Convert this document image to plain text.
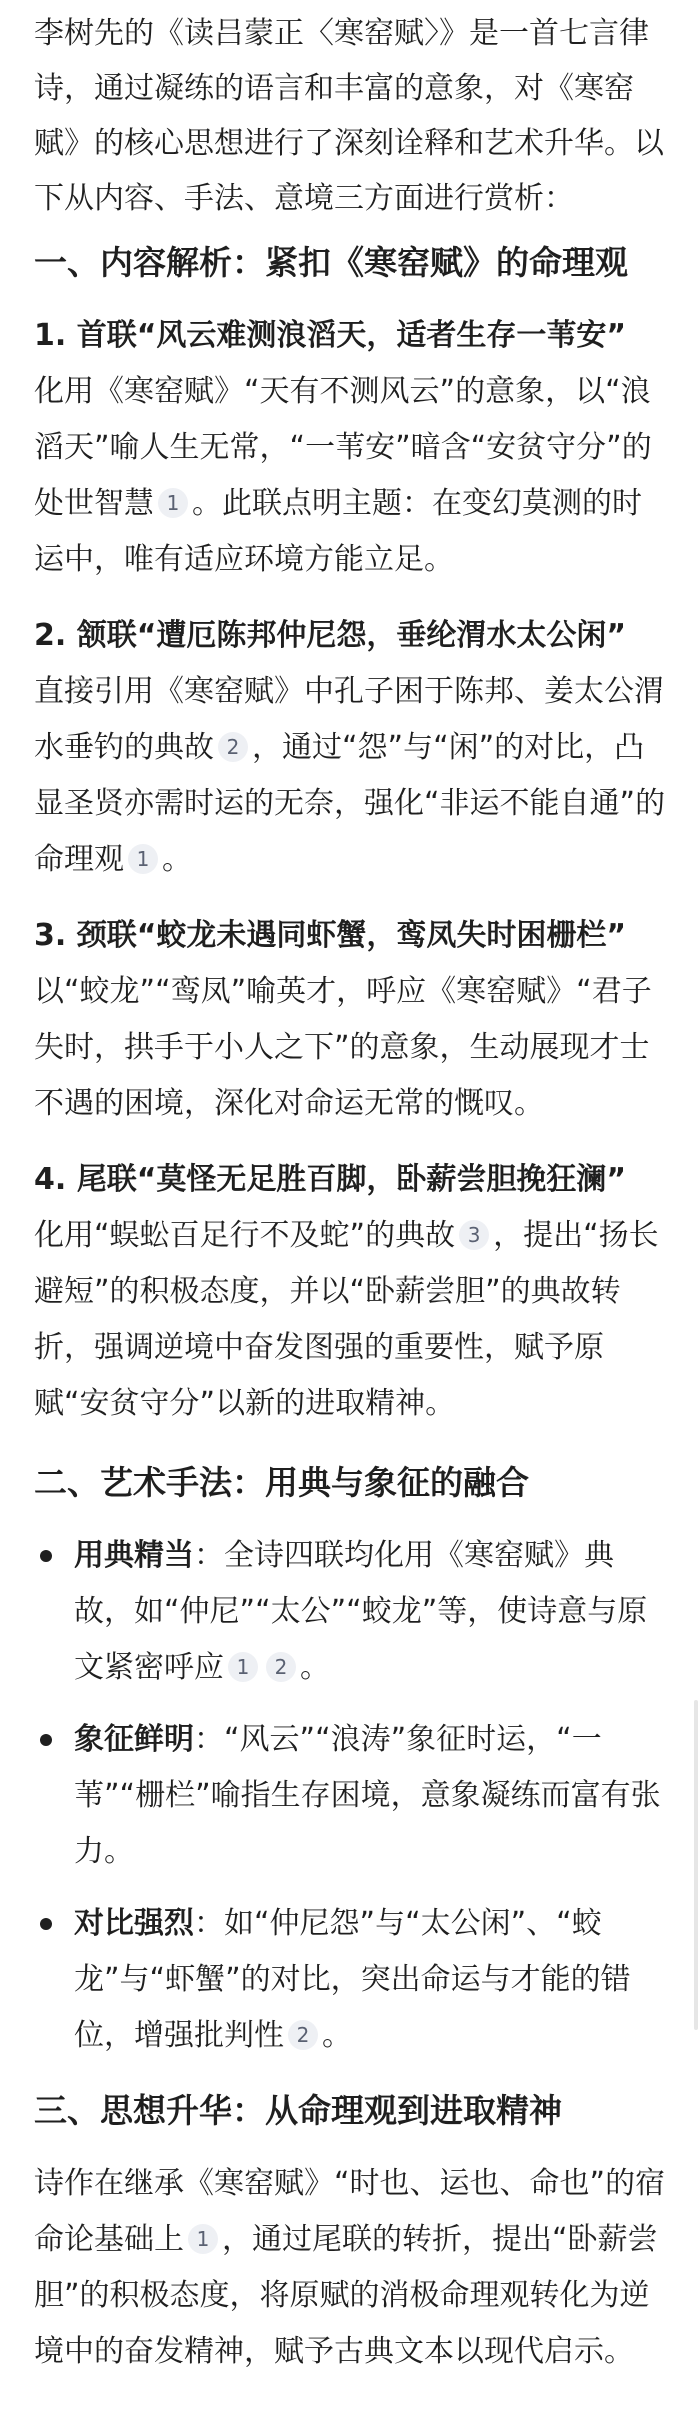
李树先的《读吕蒙正〈寒窑赋〉》是一首七言律诗，通过凝练的语言和丰富的意象，对《寒窑赋》的核心思想进行了深刻诠释和艺术升华。以下从内容、手法、意境三方面进行赏析：

一、内容解析：紧扣《寒窑赋》的命理观
1. 首联“风云难测浪滔天，适者生存一苇安”
化用《寒窑赋》“天有不测风云”的意象，以“浪滔天”喻人生无常，“一苇安”暗含“安贫守分”的处世智慧 1 。此联点明主题：在变幻莫测的时运中，唯有适应环境方能立足。
2. 颔联“遭厄陈邦仲尼怨，垂纶渭水太公闲”
直接引用《寒窑赋》中孔子困于陈邦、姜太公渭水垂钓的典故 2 ，通过“怨”与“闲”的对比，凸显圣贤亦需时运的无奈，强化“非运不能自通”的命理观 1 。
3. 颈联“蛟龙未遇同虾蟹，鸾凤失时困栅栏”
以“蛟龙”“鸾凤”喻英才，呼应《寒窑赋》“君子失时，拱手于小人之下”的意象，生动展现才士不遇的困境，深化对命运无常的慨叹。
4. 尾联“莫怪无足胜百脚，卧薪尝胆挽狂澜”
化用“蜈蚣百足行不及蛇”的典故 3 ，提出“扬长避短”的积极态度，并以“卧薪尝胆”的典故转折，强调逆境中奋发图强的重要性，赋予原赋“安贫守分”以新的进取精神。
二、艺术手法：用典与象征的融合
用典精当：全诗四联均化用《寒窑赋》典故，如“仲尼”“太公”“蛟龙”等，使诗意与原文紧密呼应 1 2 。
象征鲜明：“风云”“浪涛”象征时运，“一苇”“栅栏”喻指生存困境，意象凝练而富有张力。
对比强烈：如“仲尼怨”与“太公闲”、“蛟龙”与“虾蟹”的对比，突出命运与才能的错位，增强批判性 2 。
三、思想升华：从命理观到进取精神

诗作在继承《寒窑赋》“时也、运也、命也”的宿命论基础上 1 ，通过尾联的转折，提出“卧薪尝胆”的积极态度，将原赋的消极命理观转化为逆境中的奋发精神，赋予古典文本以现代启示。
